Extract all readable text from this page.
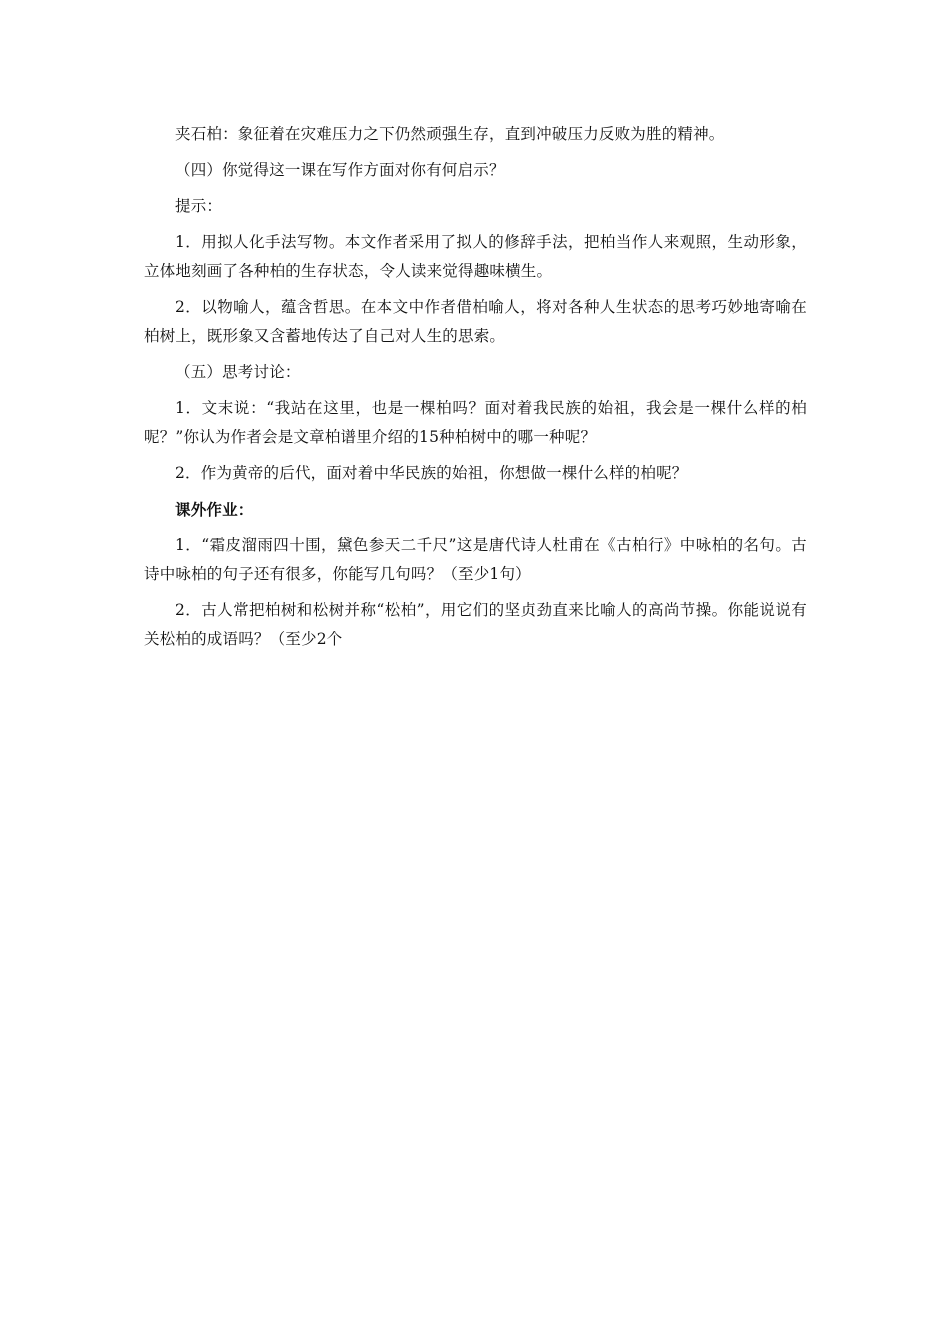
夹石柏：象征着在灾难压力之下仍然顽强生存，直到冲破压力反败为胜的精神。

（四）你觉得这一课在写作方面对你有何启示？

提示：

1．用拟人化手法写物。本文作者采用了拟人的修辞手法，把柏当作人来观照，生动形象，立体地刻画了各种柏的生存状态，令人读来觉得趣味横生。

2．以物喻人，蕴含哲思。在本文中作者借柏喻人，将对各种人生状态的思考巧妙地寄喻在柏树上，既形象又含蓄地传达了自己对人生的思索。

（五）思考讨论：

1．文末说：“我站在这里，也是一棵柏吗？面对着我民族的始祖，我会是一棵什么样的柏呢？”你认为作者会是文章柏谱里介绍的15种柏树中的哪一种呢？

2．作为黄帝的后代，面对着中华民族的始祖，你想做一棵什么样的柏呢？

课外作业：

1．“霜皮溜雨四十围，黛色参天二千尺”这是唐代诗人杜甫在《古柏行》中咏柏的名句。古诗中咏柏的句子还有很多，你能写几句吗？（至少1句）

2．古人常把柏树和松树并称“松柏”，用它们的坚贞劲直来比喻人的高尚节操。你能说说有关松柏的成语吗？（至少2个
